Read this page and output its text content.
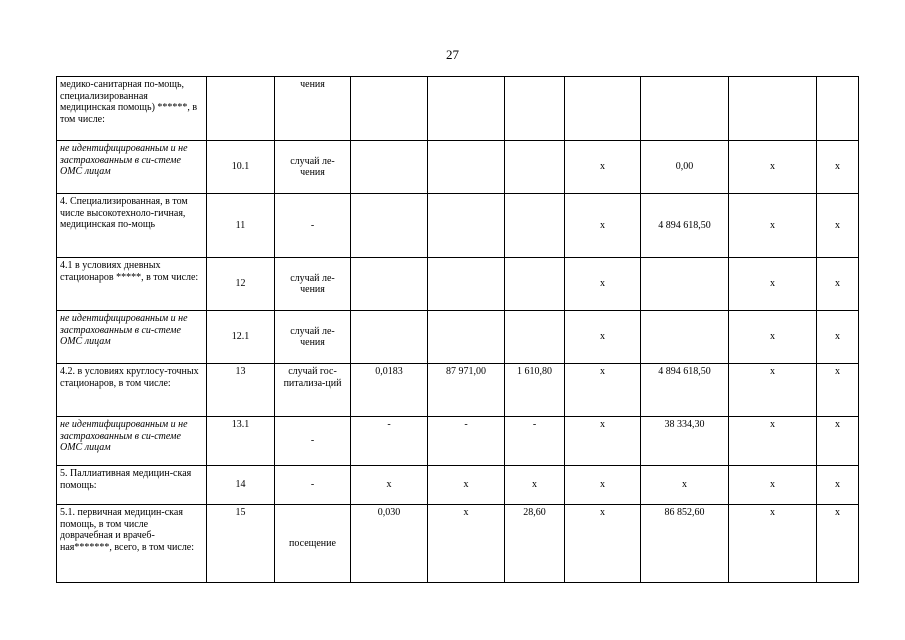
27
медико-санитарная по-мощь, специализированная медицинская помощь) ******, в том числе:		чения							
не идентифицированным и не застрахованным в си-стеме ОМС лицам	10.1	случай ле-чения				х	0,00	х	х
4. Специализированная, в том числе высокотехноло-гичная, медицинская по-мощь	11	-				х	4 894 618,50	х	х
4.1 в условиях дневных стационаров *****, в том числе:	12	случай ле-чения				х		х	х
не идентифицированным и не застрахованным в си-стеме ОМС лицам	12.1	случай ле-чения				х		х	х
4.2. в условиях круглосу-точных стационаров, в том числе:	13	случай гос-питализа-ций	0,0183	87 971,00	1 610,80	х	4 894 618,50	х	х
не идентифицированным и не застрахованным в си-стеме ОМС лицам	13.1	-	-	-	-	х	38 334,30	х	х
5. Паллиативная медицин-ская помощь:	14	-	х	х	х	х	х	х	х
5.1. первичная медицин-ская помощь, в том числе доврачебная и врачеб-ная*******, всего, в том числе:	15	посещение	0,030	х	28,60	х	86 852,60	х	х
